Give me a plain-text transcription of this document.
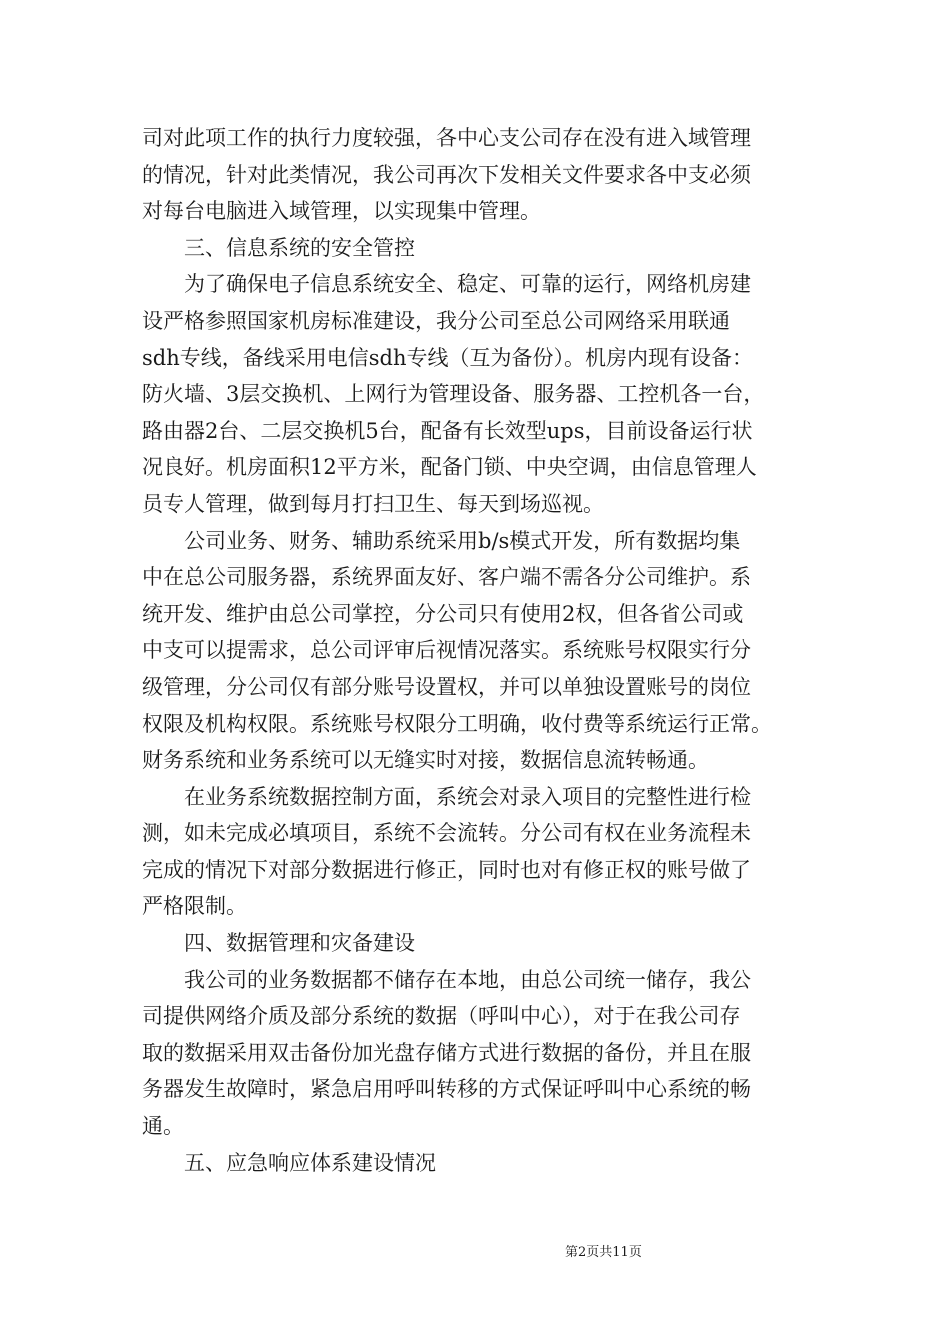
司对此项工作的执行力度较强，各中心支公司存在没有进入域管理
的情况，针对此类情况，我公司再次下发相关文件要求各中支必须
对每台电脑进入域管理，以实现集中管理。
三、信息系统的安全管控
为了确保电子信息系统安全、稳定、可靠的运行，网络机房建
设严格参照国家机房标准建设，我分公司至总公司网络采用联通
sdh专线，备线采用电信sdh专线（互为备份）。机房内现有设备：
防火墙、3层交换机、上网行为管理设备、服务器、工控机各一台，
路由器2台、二层交换机5台，配备有长效型ups，目前设备运行状
况良好。机房面积12平方米，配备门锁、中央空调，由信息管理人
员专人管理，做到每月打扫卫生、每天到场巡视。
公司业务、财务、辅助系统采用b/s模式开发，所有数据均集
中在总公司服务器，系统界面友好、客户端不需各分公司维护。系
统开发、维护由总公司掌控，分公司只有使用2权，但各省公司或
中支可以提需求，总公司评审后视情况落实。系统账号权限实行分
级管理，分公司仅有部分账号设置权，并可以单独设置账号的岗位
权限及机构权限。系统账号权限分工明确，收付费等系统运行正常。
财务系统和业务系统可以无缝实时对接，数据信息流转畅通。
在业务系统数据控制方面，系统会对录入项目的完整性进行检
测，如未完成必填项目，系统不会流转。分公司有权在业务流程未
完成的情况下对部分数据进行修正，同时也对有修正权的账号做了
严格限制。
四、数据管理和灾备建设
我公司的业务数据都不储存在本地，由总公司统一储存，我公
司提供网络介质及部分系统的数据（呼叫中心），对于在我公司存
取的数据采用双击备份加光盘存储方式进行数据的备份，并且在服
务器发生故障时，紧急启用呼叫转移的方式保证呼叫中心系统的畅
通。
五、应急响应体系建设情况
第2页共11页
